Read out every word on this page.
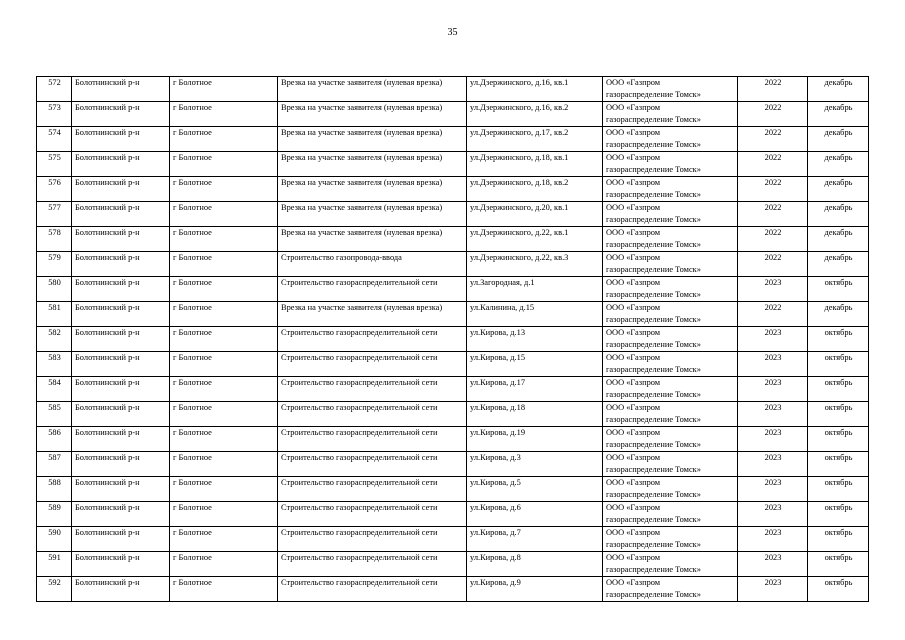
35
572	Болотнинский р-н	г Болотное	Врезка на участке заявителя (нулевая врезка)	ул.Дзержинского, д.16, кв.1	ООО «Газпром
газораспределение Томск»	2022	декабрь
573	Болотнинский р-н	г Болотное	Врезка на участке заявителя (нулевая врезка)	ул.Дзержинского, д.16, кв.2	ООО «Газпром
газораспределение Томск»	2022	декабрь
574	Болотнинский р-н	г Болотное	Врезка на участке заявителя (нулевая врезка)	ул.Дзержинского, д.17, кв.2	ООО «Газпром
газораспределение Томск»	2022	декабрь
575	Болотнинский р-н	г Болотное	Врезка на участке заявителя (нулевая врезка)	ул.Дзержинского, д.18, кв.1	ООО «Газпром
газораспределение Томск»	2022	декабрь
576	Болотнинский р-н	г Болотное	Врезка на участке заявителя (нулевая врезка)	ул.Дзержинского, д.18, кв.2	ООО «Газпром
газораспределение Томск»	2022	декабрь
577	Болотнинский р-н	г Болотное	Врезка на участке заявителя (нулевая врезка)	ул.Дзержинского, д.20, кв.1	ООО «Газпром
газораспределение Томск»	2022	декабрь
578	Болотнинский р-н	г Болотное	Врезка на участке заявителя (нулевая врезка)	ул.Дзержинского, д.22, кв.1	ООО «Газпром
газораспределение Томск»	2022	декабрь
579	Болотнинский р-н	г Болотное	Строительство газопровода-ввода	ул.Дзержинского, д.22, кв.3	ООО «Газпром
газораспределение Томск»	2022	декабрь
580	Болотнинский р-н	г Болотное	Строительство газораспределительной сети	ул.Загородная, д.1	ООО «Газпром
газораспределение Томск»	2023	октябрь
581	Болотнинский р-н	г Болотное	Врезка на участке заявителя (нулевая врезка)	ул.Калинина, д.15	ООО «Газпром
газораспределение Томск»	2022	декабрь
582	Болотнинский р-н	г Болотное	Строительство газораспределительной сети	ул.Кирова, д.13	ООО «Газпром
газораспределение Томск»	2023	октябрь
583	Болотнинский р-н	г Болотное	Строительство газораспределительной сети	ул.Кирова, д.15	ООО «Газпром
газораспределение Томск»	2023	октябрь
584	Болотнинский р-н	г Болотное	Строительство газораспределительной сети	ул.Кирова, д.17	ООО «Газпром
газораспределение Томск»	2023	октябрь
585	Болотнинский р-н	г Болотное	Строительство газораспределительной сети	ул.Кирова, д.18	ООО «Газпром
газораспределение Томск»	2023	октябрь
586	Болотнинский р-н	г Болотное	Строительство газораспределительной сети	ул.Кирова, д.19	ООО «Газпром
газораспределение Томск»	2023	октябрь
587	Болотнинский р-н	г Болотное	Строительство газораспределительной сети	ул.Кирова, д.3	ООО «Газпром
газораспределение Томск»	2023	октябрь
588	Болотнинский р-н	г Болотное	Строительство газораспределительной сети	ул.Кирова, д.5	ООО «Газпром
газораспределение Томск»	2023	октябрь
589	Болотнинский р-н	г Болотное	Строительство газораспределительной сети	ул.Кирова, д.6	ООО «Газпром
газораспределение Томск»	2023	октябрь
590	Болотнинский р-н	г Болотное	Строительство газораспределительной сети	ул.Кирова, д.7	ООО «Газпром
газораспределение Томск»	2023	октябрь
591	Болотнинский р-н	г Болотное	Строительство газораспределительной сети	ул.Кирова, д.8	ООО «Газпром
газораспределение Томск»	2023	октябрь
592	Болотнинский р-н	г Болотное	Строительство газораспределительной сети	ул.Кирова, д.9	ООО «Газпром
газораспределение Томск»	2023	октябрь
